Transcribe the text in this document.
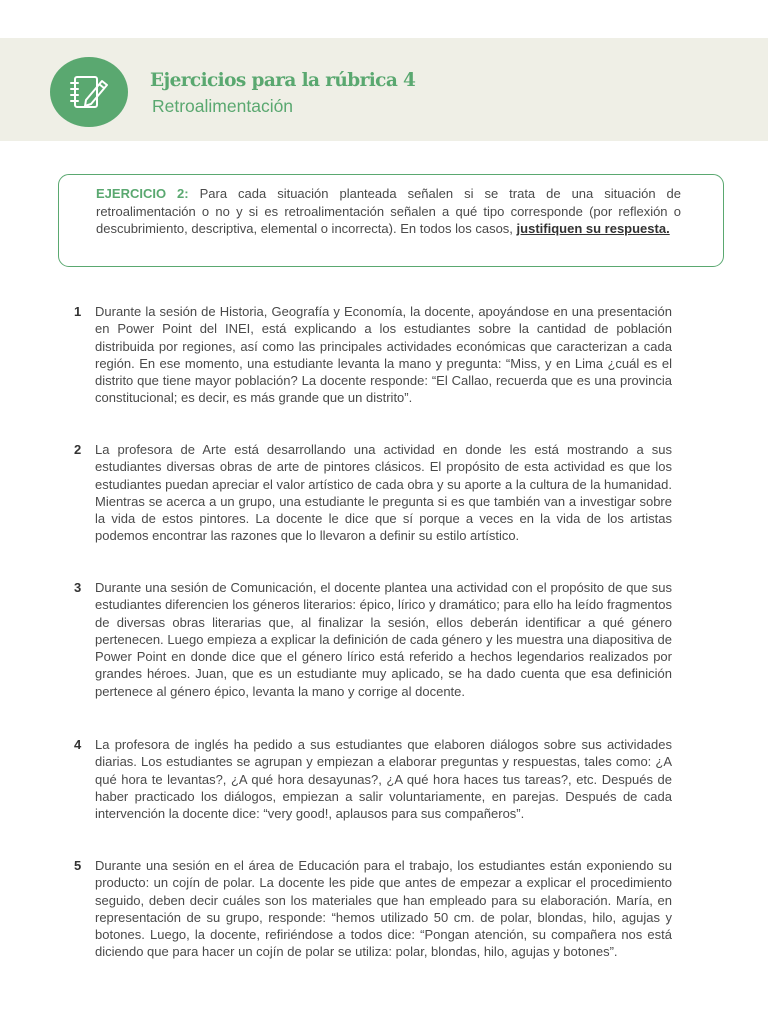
Ejercicios para la rúbrica 4
Retroalimentación
EJERCICIO 2: Para cada situación planteada señalen si se trata de una situación de retroalimentación o no y si es retroalimentación señalen a qué tipo corresponde (por reflexión o descubrimiento, descriptiva, elemental o incorrecta). En todos los casos, justifiquen su respuesta.
1 Durante la sesión de Historia, Geografía y Economía, la docente, apoyándose en una presentación en Power Point del INEI, está explicando a los estudiantes sobre la cantidad de población distribuida por regiones, así como las principales actividades económicas que caracterizan a cada región. En ese momento, una estudiante levanta la mano y pregunta: “Miss, y en Lima ¿cuál es el distrito que tiene mayor población? La docente responde: “El Callao, recuerda que es una provincia constitucional; es decir, es más grande que un distrito”.
2 La profesora de Arte está desarrollando una actividad en donde les está mostrando a sus estudiantes diversas obras de arte de pintores clásicos. El propósito de esta actividad es que los estudiantes puedan apreciar el valor artístico de cada obra y su aporte a la cultura de la humanidad. Mientras se acerca a un grupo, una estudiante le pregunta si es que también van a investigar sobre la vida de estos pintores. La docente le dice que sí porque a veces en la vida de los artistas podemos encontrar las razones que lo llevaron a definir su estilo artístico.
3 Durante una sesión de Comunicación, el docente plantea una actividad con el propósito de que sus estudiantes diferencien los géneros literarios: épico, lírico y dramático; para ello ha leído fragmentos de diversas obras literarias que, al finalizar la sesión, ellos deberán identificar a qué género pertenecen. Luego empieza a explicar la definición de cada género y les muestra una diapositiva de Power Point en donde dice que el género lírico está referido a hechos legendarios realizados por grandes héroes. Juan, que es un estudiante muy aplicado, se ha dado cuenta que esa definición pertenece al género épico, levanta la mano y corrige al docente.
4 La profesora de inglés ha pedido a sus estudiantes que elaboren diálogos sobre sus actividades diarias. Los estudiantes se agrupan y empiezan a elaborar preguntas y respuestas, tales como: ¿A qué hora te levantas?, ¿A qué hora desayunas?, ¿A qué hora haces tus tareas?, etc. Después de haber practicado los diálogos, empiezan a salir voluntariamente, en parejas. Después de cada intervención la docente dice: “very good!, aplausos para sus compañeros”.
5 Durante una sesión en el área de Educación para el trabajo, los estudiantes están exponiendo su producto: un cojín de polar. La docente les pide que antes de empezar a explicar el procedimiento seguido, deben decir cuáles son los materiales que han empleado para su elaboración. María, en representación de su grupo, responde: “hemos utilizado 50 cm. de polar, blondas, hilo, agujas y botones. Luego, la docente, refiriéndose a todos dice: “Pongan atención, su compañera nos está diciendo que para hacer un cojín de polar se utiliza: polar, blondas, hilo, agujas y botones”.
